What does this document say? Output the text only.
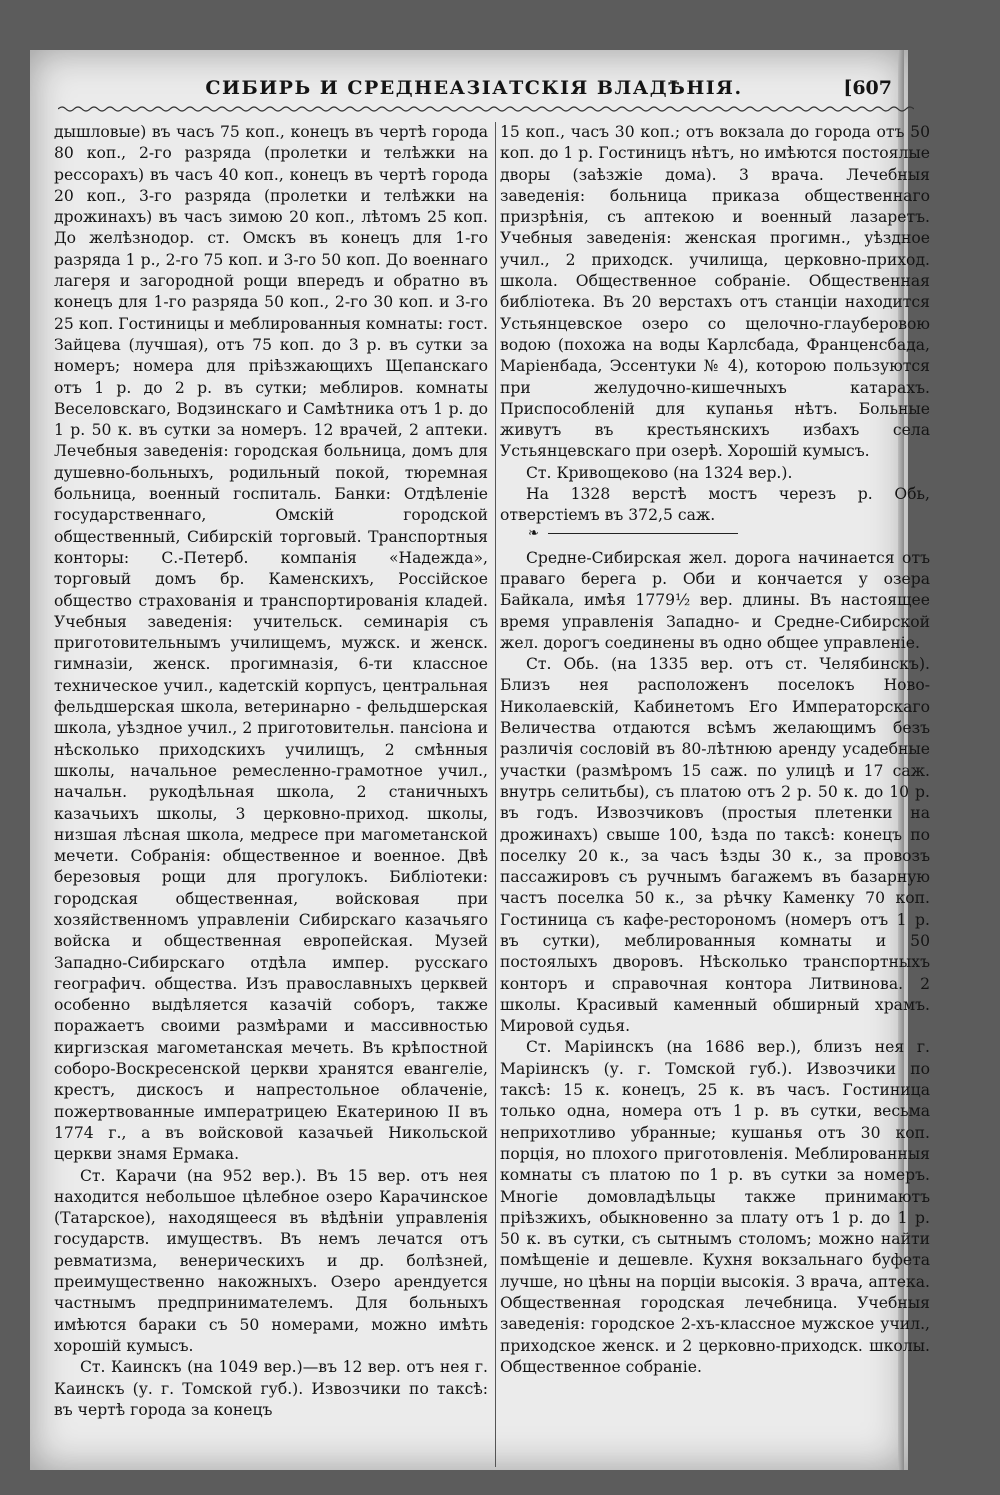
СИБИРЬ И СРЕДНЕАЗІАТСКІЯ ВЛАДѢНІЯ.	[607

дышловые) въ часъ 75 коп., конецъ въ чертѣ города 80 коп., 2-го разряда (пролетки и телѣжки на рессорахъ) въ часъ 40 коп., конецъ въ чертѣ города 20 коп., 3-го разряда (пролетки и телѣжки на дрожинахъ) въ часъ зимою 20 коп., лѣтомъ 25 коп. До желѣзнодор. ст. Омскъ въ конецъ для 1-го разряда 1 р., 2-го 75 коп. и 3-го 50 коп. До военнаго лагеря и загородной рощи впередъ и обратно въ конецъ для 1-го разряда 50 коп., 2-го 30 коп. и 3-го 25 коп. Гостиницы и меблированныя комнаты: гост. Зайцева (лучшая), отъ 75 коп. до 3 р. въ сутки за номеръ; номера для пріѣзжающихъ Щепанскаго отъ 1 р. до 2 р. въ сутки; меблиров. комнаты Веселовскаго, Водзинскаго и Самѣтника отъ 1 р. до 1 р. 50 к. въ сутки за номеръ. 12 врачей, 2 аптеки. Лечебныя заведенія: городская больница, домъ для душевно-больныхъ, родильный покой, тюремная больница, военный госпиталь. Банки: Отдѣленіе государственнаго, Омскій городской общественный, Сибирскій торговый. Транспортныя конторы: С.-Петерб. компанія «Надежда», торговый домъ бр. Каменскихъ, Россійское общество страхованія и транспортированія кладей. Учебныя заведенія: учительск. семинарія съ приготовительнымъ училищемъ, мужск. и женск. гимназіи, женск. прогимназія, 6-ти классное техническое учил., кадетскій корпусъ, центральная фельдшерская школа, ветеринарно - фельдшерская школа, уѣздное учил., 2 приготовительн. пансіона и нѣсколько приходскихъ училищъ, 2 смѣнныя школы, начальное ремесленно-грамотное учил., начальн. рукодѣльная школа, 2 станичныхъ казачьихъ школы, 3 церковно-приход. школы, низшая лѣсная школа, медресе при магометанской мечети. Собранія: общественное и военное. Двѣ березовыя рощи для прогулокъ. Библіотеки: городская общественная, войсковая при хозяйственномъ управленіи Сибирскаго казачьяго войска и общественная европейская. Музей Западно-Сибирскаго отдѣла импер. русскаго географич. общества. Изъ православныхъ церквей особенно выдѣляется казачій соборъ, также поражаетъ своими размѣрами и массивностью киргизская магометанская мечеть. Въ крѣпостной соборо-Воскресенской церкви хранятся евангеліе, крестъ, дискосъ и напрестольное облаченіе, пожертвованные императрицею Екатериною II въ 1774 г., а въ войсковой казачьей Никольской церкви знамя Ермака.

Ст. Карачи (на 952 вер.). Въ 15 вер. отъ нея находится небольшое цѣлебное озеро Карачинское (Татарское), находящееся въ вѣдѣніи управленія государств. имуществъ. Въ немъ лечатся отъ ревматизма, венерическихъ и др. болѣзней, преимущественно накожныхъ. Озеро арендуется частнымъ предпринимателемъ. Для больныхъ имѣются бараки съ 50 номерами, можно имѣть хорошій кумысъ.

Ст. Каинскъ (на 1049 вер.)—въ 12 вер. отъ нея г. Каинскъ (у. г. Томской губ.). Извозчики по таксѣ: въ чертѣ города за конецъ

15 коп., часъ 30 коп.; отъ вокзала до города отъ 50 коп. до 1 р. Гостиницъ нѣтъ, но имѣются постоялые дворы (заѣзжіе дома). 3 врача. Лечебныя заведенія: больница приказа общественнаго призрѣнія, съ аптекою и военный лазаретъ. Учебныя заведенія: женская прогимн., уѣздное учил., 2 приходск. училища, церковно-приход. школа. Общественное собраніе. Общественная библіотека. Въ 20 верстахъ отъ станціи находится Устьянцевское озеро со щелочно-глауберовою водою (похожа на воды Карлсбада, Франценсбада, Маріенбада, Эссентуки № 4), которою пользуются при желудочно-кишечныхъ катарахъ. Приспособленій для купанья нѣтъ. Больные живутъ въ крестьянскихъ избахъ села Устьянцевскаго при озерѣ. Хорошій кумысъ.

Ст. Кривощеково (на 1324 вер.).

На 1328 верстѣ мостъ черезъ р. Обь, отверстіемъ въ 372,5 саж.

❧

Средне-Сибирская жел. дорога начинается отъ праваго берега р. Оби и кончается у озера Байкала, имѣя 1779½ вер. длины. Въ настоящее время управленія Западно- и Средне-Сибирской жел. дорогъ соединены въ одно общее управленіе.

Ст. Обь. (на 1335 вер. отъ ст. Челябинскъ). Близъ нея расположенъ поселокъ Ново-Николаевскій, Кабинетомъ Его Императорскаго Величества отдаются всѣмъ желающимъ безъ различія сословій въ 80-лѣтнюю аренду усадебные участки (размѣромъ 15 саж. по улицѣ и 17 саж. внутрь селитьбы), съ платою отъ 2 р. 50 к. до 10 р. въ годъ. Извозчиковъ (простыя плетенки на дрожинахъ) свыше 100, ѣзда по таксѣ: конецъ по поселку 20 к., за часъ ѣзды 30 к., за провозъ пассажировъ съ ручнымъ багажемъ въ базарную частъ поселка 50 к., за рѣчку Каменку 70 коп. Гостиница съ кафе-ресторономъ (номеръ отъ 1 р. въ сутки), меблированныя комнаты и 50 постоялыхъ дворовъ. Нѣсколько транспортныхъ конторъ и справочная контора Литвинова. 2 школы. Красивый каменный обширный храмъ. Мировой судья.

Ст. Маріинскъ (на 1686 вер.), близъ нея г. Маріинскъ (у. г. Томской губ.). Извозчики по таксѣ: 15 к. конецъ, 25 к. въ часъ. Гостиница только одна, номера отъ 1 р. въ сутки, весьма неприхотливо убранные; кушанья отъ 30 коп. порція, но плохого приготовленія. Меблированныя комнаты съ платою по 1 р. въ сутки за номеръ. Многіе домовладѣльцы также принимаютъ пріѣзжихъ, обыкновенно за плату отъ 1 р. до 1 р. 50 к. въ сутки, съ сытнымъ столомъ; можно найти помѣщеніе и дешевле. Кухня вокзальнаго буфета лучше, но цѣны на порціи высокія. 3 врача, аптека. Общественная городская лечебница. Учебныя заведенія: городское 2-хъ-классное мужское учил., приходское женск. и 2 церковно-приходск. школы. Общественное собраніе.
